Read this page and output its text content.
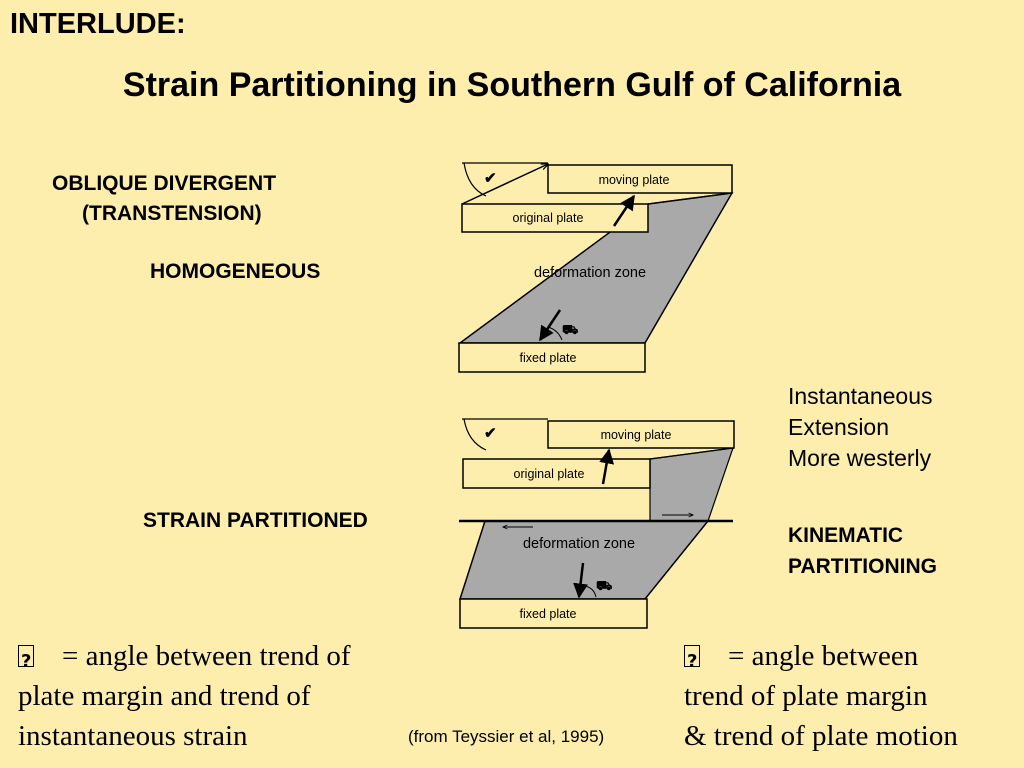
INTERLUDE:
Strain Partitioning in Southern Gulf of California
OBLIQUE DIVERGENT
(TRANSTENSION)
HOMOGENEOUS
STRAIN PARTITIONED
Instantaneous
Extension
More westerly
KINEMATIC
PARTITIONING
✔
⛟
moving plate
original plate
deformation zone
fixed plate
✔
⛟
moving plate
original plate
deformation zone
fixed plate
?= angle between trend of
plate margin and trend of
instantaneous strain	(from Teyssier et al, 1995)
?= angle between
trend of plate margin
& trend of plate motion
